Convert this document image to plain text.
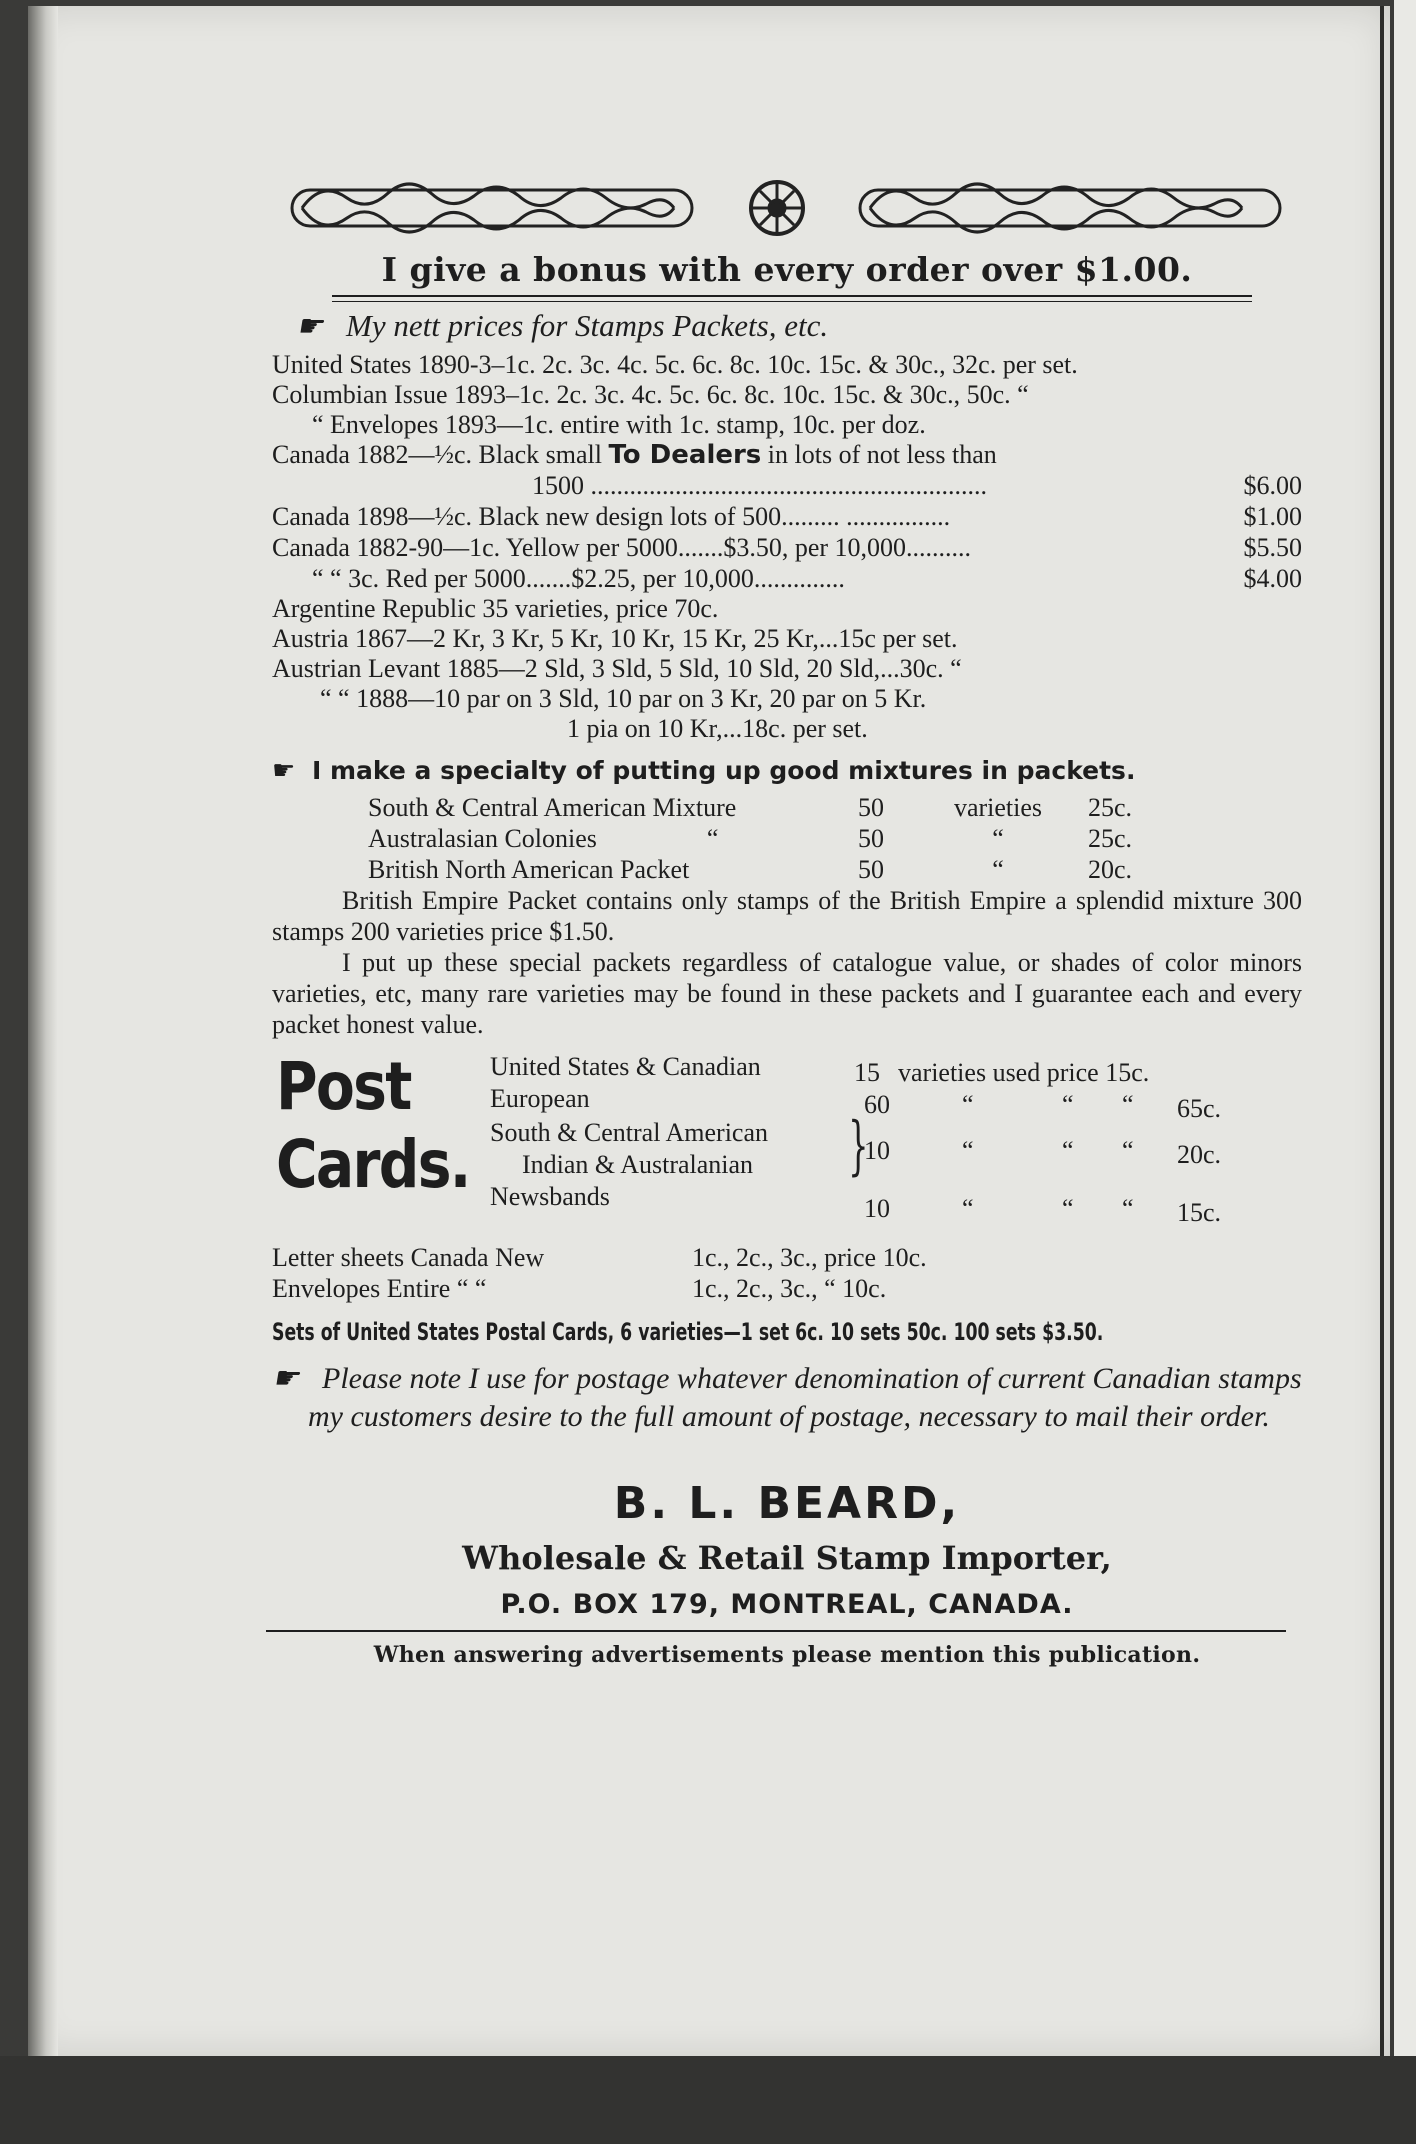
I give a bonus with every order over $1.00.
☛ My nett prices for Stamps Packets, etc.
United States 1890-3–1c. 2c. 3c. 4c. 5c. 6c. 8c. 10c. 15c. & 30c., 32c. per set.
Columbian Issue 1893–1c. 2c. 3c. 4c. 5c. 6c. 8c. 10c. 15c. & 30c., 50c. “
“ Envelopes 1893—1c. entire with 1c. stamp, 10c. per doz.
Canada 1882—½c. Black small To Dealers in lots of not less than
1500 .............................................................	$6.00
Canada 1898—½c. Black new design lots of 500......... ................	$1.00
Canada 1882-90—1c. Yellow per 5000.......$3.50, per 10,000..........	$5.50
“ “ 3c. Red per 5000.......$2.25, per 10,000..............	$4.00
Argentine Republic 35 varieties, price 70c.
Austria 1867—2 Kr, 3 Kr, 5 Kr, 10 Kr, 15 Kr, 25 Kr,...15c per set.
Austrian Levant 1885—2 Sld, 3 Sld, 5 Sld, 10 Sld, 20 Sld,...30c. “
“ “ 1888—10 par on 3 Sld, 10 par on 3 Kr, 20 par on 5 Kr.
1 pia on 10 Kr,...18c. per set.
☛ I make a specialty of putting up good mixtures in packets.
South & Central American Mixture	50	varieties	25c.
Australasian Colonies	“	50	“	25c.
British North American Packet	50	“	20c.
British Empire Packet contains only stamps of the British Empire a splendid mixture 300 stamps 200 varieties price $1.50.
I put up these special packets regardless of catalogue value, or shades of color minors varieties, etc, many rare varieties may be found in these packets and I guarantee each and every packet honest value.
Post
Cards.
United States & Canadian	15 varieties used price 15c.
European	60	“	“ “ 65c.
South & Central American }
Indian & Australanian	10	“	“ “ 20c.
Newsbands	10	“	“ “ 15c.
Letter sheets Canada New	1c., 2c., 3c., price 10c.
Envelopes Entire “ “	1c., 2c., 3c., “ 10c.
Sets of United States Postal Cards, 6 varieties—1 set 6c. 10 sets 50c. 100 sets $3.50.
☛ Please note I use for postage whatever denomination of current Canadian stamps my customers desire to the full amount of postage, necessary to mail their order.
B. L. BEARD,
Wholesale & Retail Stamp Importer,
P.O. BOX 179, MONTREAL, CANADA.
When answering advertisements please mention this publication.
